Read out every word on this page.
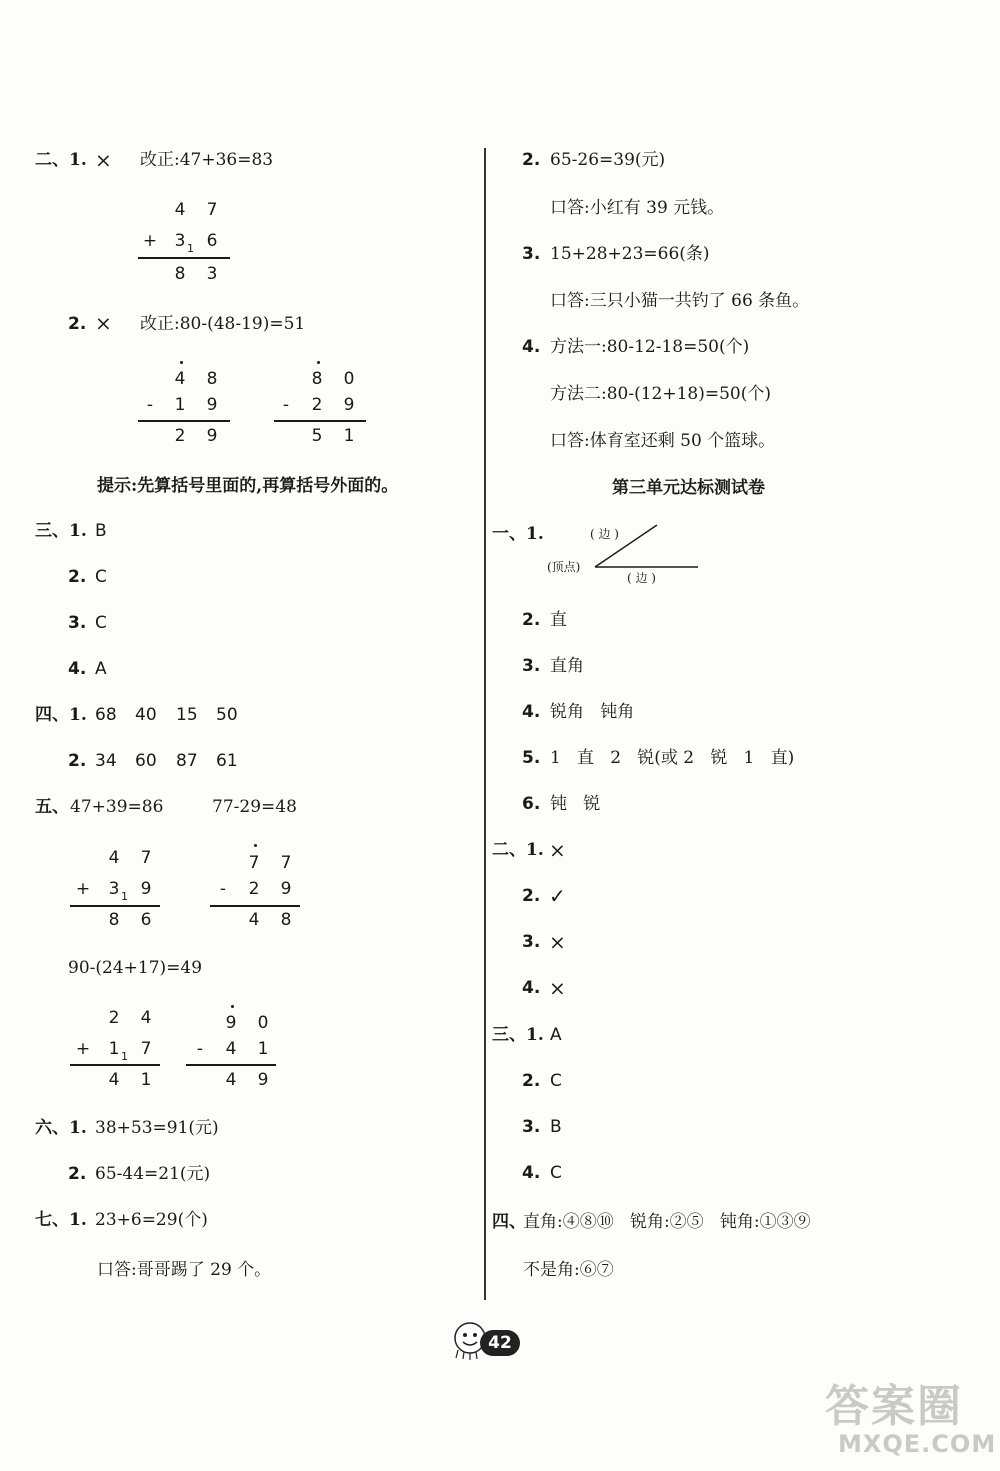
二、1. × 改正:47+36=83
4 7
+ 3 1 6
8 3
2. × 改正:80-(48-19)=51
4 8
-	1 9
2 9
8 0
-	2 9
5 1
提示:先算括号里面的,再算括号外面的。
三、1. B
2. C
3. C
4. A
四、1. 68 40 15 50
2. 34 60 87 61
五、 47+39=86	77-29=48
4 7
+ 3 1 9
8 6
7 7
-	2 9
4 8
90-(24+17)=49
2 4
+ 1 1 7
4 1
9 0
-	4 1
4 9
六、1. 38+53=91(元)
2. 65-44=21(元)
七、1. 23+6=29(个)
口答:哥哥踢了 29 个。
2. 65-26=39(元)
口答:小红有 39 元钱。
3. 15+28+23=66(条)
口答:三只小猫一共钓了 66 条鱼。
4. 方法一:80-12-18=50(个)
方法二:80-(12+18)=50(个)
口答:体育室还剩 50 个篮球。
第三单元达标测试卷
一、1.	( 边 )
(顶点)
( 边 )
2. 直
3. 直角
4. 锐角   钝角
5. 1   直   2   锐(或 2   锐   1   直)
6. 钝   锐
二、1. ×
2. ✓
3. ×
4. ×
三、1. A
2. C
3. B
4. C
四、
直角:④⑧⑩   锐角:②⑤   钝角:①③⑨
不是角:⑥⑦
42
答案圈
MXQE.COM
